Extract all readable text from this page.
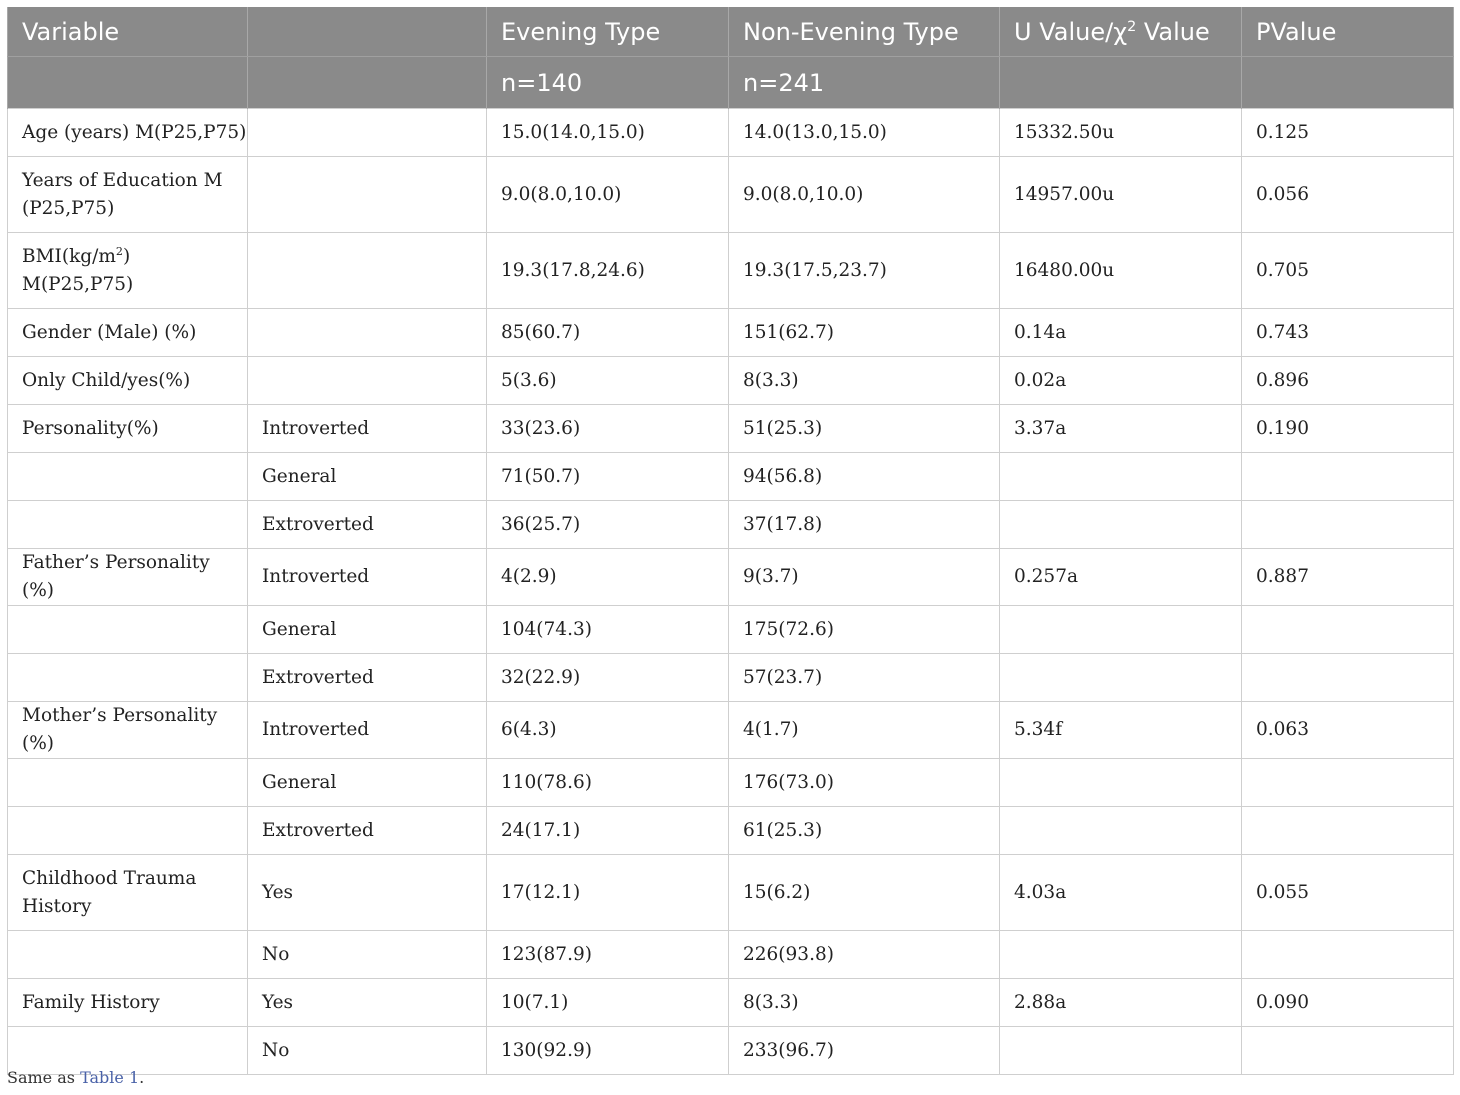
Variable		Evening Type	Non-Evening Type	U Value/$\chi^2$ Value	PValue
		n=140	n=241		
Age (years) M(P25,P75)		15.0(14.0,15.0)	14.0(13.0,15.0)	15332.50u	0.125
Years of Education M (P25,P75)		9.0(8.0,10.0)	9.0(8.0,10.0)	14957.00u	0.056
$BMI(kg/m^2)$ M(P25,P75)		19.3(17.8,24.6)	19.3(17.5,23.7)	16480.00u	0.705
Gender (Male) (%)		85(60.7)	151(62.7)	0.14a	0.743
Only Child/yes(%)		5(3.6)	8(3.3)	0.02a	0.896
Personality(%)	Introverted	33(23.6)	51(25.3)	3.37a	0.190
	General	71(50.7)	94(56.8)		
	Extroverted	36(25.7)	37(17.8)		
Father’s Personality (%)	Introverted	4(2.9)	9(3.7)	0.257a	0.887
	General	104(74.3)	175(72.6)		
	Extroverted	32(22.9)	57(23.7)		
Mother’s Personality (%)	Introverted	6(4.3)	4(1.7)	5.34f	0.063
	General	110(78.6)	176(73.0)		
	Extroverted	24(17.1)	61(25.3)		
Childhood Trauma History	Yes	17(12.1)	15(6.2)	4.03a	0.055
	No	123(87.9)	226(93.8)		
Family History	Yes	10(7.1)	8(3.3)	2.88a	0.090
	No	130(92.9)	233(96.7)		
Same as Table 1.
